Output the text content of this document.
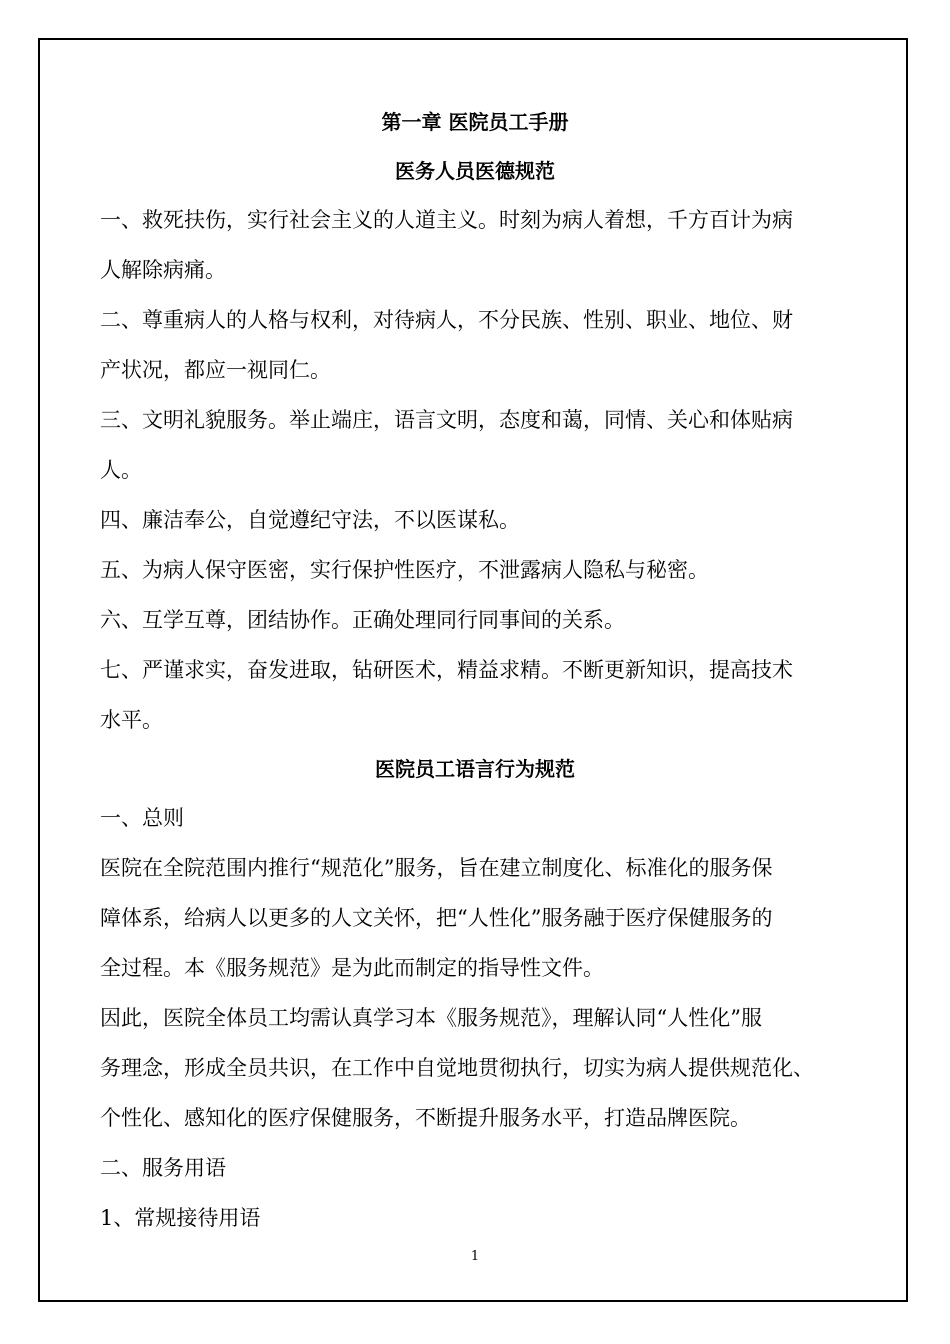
第一章 医院员工手册
医务人员医德规范
一、救死扶伤，实行社会主义的人道主义。时刻为病人着想，千方百计为病
人解除病痛。
二、尊重病人的人格与权利，对待病人，不分民族、性别、职业、地位、财
产状况，都应一视同仁。
三、文明礼貌服务。举止端庄，语言文明，态度和蔼，同情、关心和体贴病
人。
四、廉洁奉公，自觉遵纪守法，不以医谋私。
五、为病人保守医密，实行保护性医疗，不泄露病人隐私与秘密。
六、互学互尊，团结协作。正确处理同行同事间的关系。
七、严谨求实，奋发进取，钻研医术，精益求精。不断更新知识，提高技术
水平。
医院员工语言行为规范
一、总则
医院在全院范围内推行“规范化”服务，旨在建立制度化、标准化的服务保
障体系，给病人以更多的人文关怀，把“人性化”服务融于医疗保健服务的
全过程。本《服务规范》是为此而制定的指导性文件。
因此，医院全体员工均需认真学习本《服务规范》，理解认同“人性化”服
务理念，形成全员共识，在工作中自觉地贯彻执行，切实为病人提供规范化、
个性化、感知化的医疗保健服务，不断提升服务水平，打造品牌医院。
二、服务用语
1、常规接待用语
1
